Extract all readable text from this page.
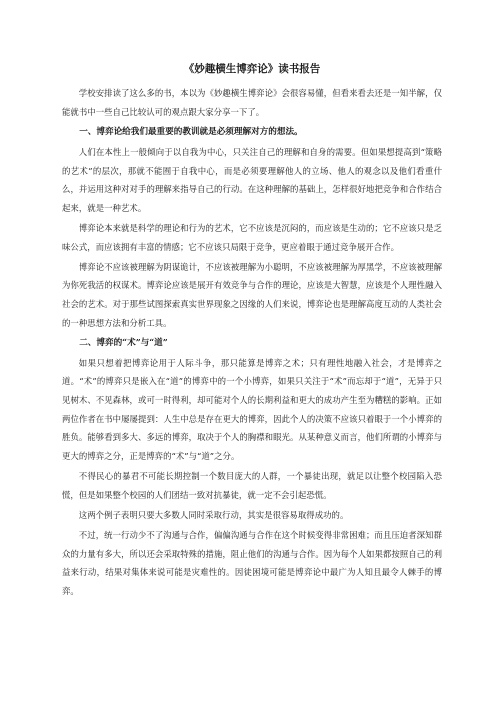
《妙趣横生博弈论》读书报告
学校安排读了这么多的书，本以为《妙趣横生博弈论》会很容易懂，但看来看去还是一知半解，仅能就书中一些自己比较认可的观点跟大家分享一下了。
一、博弈论给我们最重要的教训就是必须理解对方的想法。
人们在本性上一般倾向于以自我为中心，只关注自己的理解和自身的需要。但如果想提高到“策略的艺术”的层次，那就不能囿于自我中心，而是必须要理解他人的立场、他人的观念以及他们看重什么，并运用这种对对手的理解来指导自己的行动。在这种理解的基础上，怎样很好地把竞争和合作结合起来，就是一种艺术。
博弈论本来就是科学的理论和行为的艺术，它不应该是沉闷的，而应该是生动的；它不应该只是乏味公式，而应该拥有丰富的情感；它不应该只局限于竞争，更应着眼于通过竞争展开合作。
博弈论不应该被理解为阴谋诡计，不应该被理解为小聪明，不应该被理解为厚黑学，不应该被理解为你死我活的权谋术。博弈论应该是展开有效竞争与合作的理论，应该是大智慧，应该是个人理性融入社会的艺术。对于那些试图探索真实世界现象之因缘的人们来说，博弈论也是理解高度互动的人类社会的一种思想方法和分析工具。
二、博弈的“术”与“道”
如果只想着把博弈论用于人际斗争，那只能算是博弈之术；只有理性地融入社会，才是博弈之道。“术”的博弈只是嵌入在“道”的博弈中的一个小博弈，如果只关注于“术”而忘却于“道”，无异于只见树木、不见森林，或可一时得利，却可能对个人的长期利益和更大的成功产生至为糟糕的影响。正如两位作者在书中屡屡提到：人生中总是存在更大的博弈，因此个人的决策不应该只着眼于一个小博弈的胜负。能够看到多大、多远的博弈，取决于个人的胸襟和眼光。从某种意义而言，他们所谓的小博弈与更大的博弈之分，正是博弈的“术”与“道”之分。
不得民心的暴君不可能长期控制一个数目庞大的人群，一个暴徒出现，就足以让整个校园陷入恐慌，但是如果整个校园的人们团结一致对抗暴徒，就一定不会引起恐慌。
这两个例子表明只要大多数人同时采取行动，其实是很容易取得成功的。
不过，统一行动少不了沟通与合作，偏偏沟通与合作在这个时候变得非常困难；而且压迫者深知群众的力量有多大，所以还会采取特殊的措施，阻止他们的沟通与合作。因为每个人如果都按照自己的利益来行动，结果对集体来说可能是灾难性的。因徒困境可能是博弈论中最广为人知且最令人棘手的博弈。
